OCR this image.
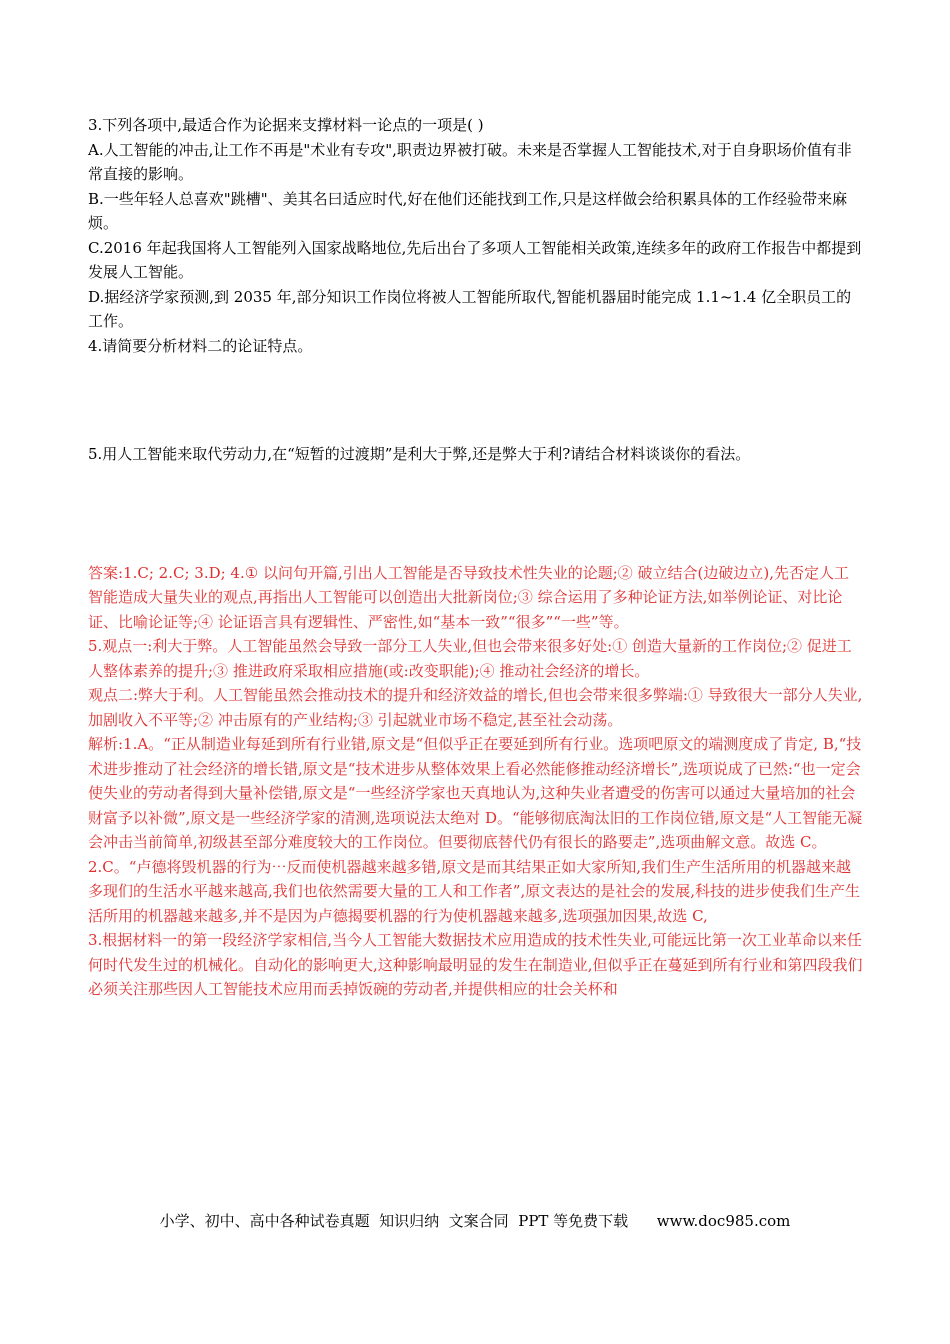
3.下列各项中,最适合作为论据来支撑材料一论点的一项是( )

A.人工智能的冲击,让工作不再是"术业有专攻",职责边界被打破。未来是否掌握人工智能技术,对于自身职场价值有非常直接的影响。

B.一些年轻人总喜欢"跳槽"、美其名曰适应时代,好在他们还能找到工作,只是这样做会给积累具体的工作经验带来麻烦。

C.2016 年起我国将人工智能列入国家战略地位,先后出台了多项人工智能相关政策,连续多年的政府工作报告中都提到发展人工智能。

D.据经济学家预测,到 2035 年,部分知识工作岗位将被人工智能所取代,智能机器届时能完成 1.1~1.4 亿全职员工的工作。

4.请简要分析材料二的论证特点。

5.用人工智能来取代劳动力,在“短暂的过渡期”是利大于弊,还是弊大于利?请结合材料谈谈你的看法。

答案:1.C; 2.C; 3.D; 4.① 以问句开篇,引出人工智能是否导致技术性失业的论题;② 破立结合(边破边立),先否定人工智能造成大量失业的观点,再指出人工智能可以创造出大批新岗位;③ 综合运用了多种论证方法,如举例论证、对比论证、比喻论证等;④ 论证语言具有逻辑性、严密性,如“基本一致”“很多”“一些”等。

5.观点一:利大于弊。人工智能虽然会导致一部分工人失业,但也会带来很多好处:① 创造大量新的工作岗位;② 促进工人整体素养的提升;③ 推进政府采取相应措施(或:改变职能);④ 推动社会经济的增长。

观点二:弊大于利。人工智能虽然会推动技术的提升和经济效益的增长,但也会带来很多弊端:① 导致很大一部分人失业,加剧收入不平等;② 冲击原有的产业结构;③ 引起就业市场不稳定,甚至社会动荡。

解析:1.A。“正从制造业每延到所有行业错,原文是“但似乎正在要延到所有行业。选项吧原文的端测度成了肯定, B,“技术进步推动了社会经济的增长错,原文是“技术进步从整体效果上看必然能修推动经济增长”,选项说成了已然:“也一定会使失业的劳动者得到大量补偿错,原文是“一些经济学家也天真地认为,这种失业者遭受的伤害可以通过大量培加的社会财富予以补微”,原文是一些经济学家的清测,选项说法太绝对 D。“能够彻底淘汰旧的工作岗位错,原文是“人工智能无凝会冲击当前简单,初级甚至部分难度较大的工作岗位。但要彻底替代仍有很长的路要走”,选项曲解文意。故选 C。

2.C。“卢德将毁机器的行为⋯反而使机器越来越多错,原文是而其结果正如大家所知,我们生产生活所用的机器越来越多现们的生活水平越来越高,我们也依然需要大量的工人和工作者”,原文表达的是社会的发展,科技的进步使我们生产生活所用的机器越来越多,并不是因为卢德揭要机器的行为使机器越来越多,选项强加因果,故选 C,

3.根据材料一的第一段经济学家相信,当今人工智能大数据技术应用造成的技术性失业,可能远比第一次工业革命以来任何时代发生过的机械化。自动化的影响更大,这种影响最明显的发生在制造业,但似乎正在蔓延到所有行业和第四段我们必须关注那些因人工智能技术应用而丢掉饭碗的劳动者,并提供相应的壮会关杯和

小学、初中、高中各种试卷真题  知识归纳  文案合同  PPT 等免费下载      www.doc985.com
